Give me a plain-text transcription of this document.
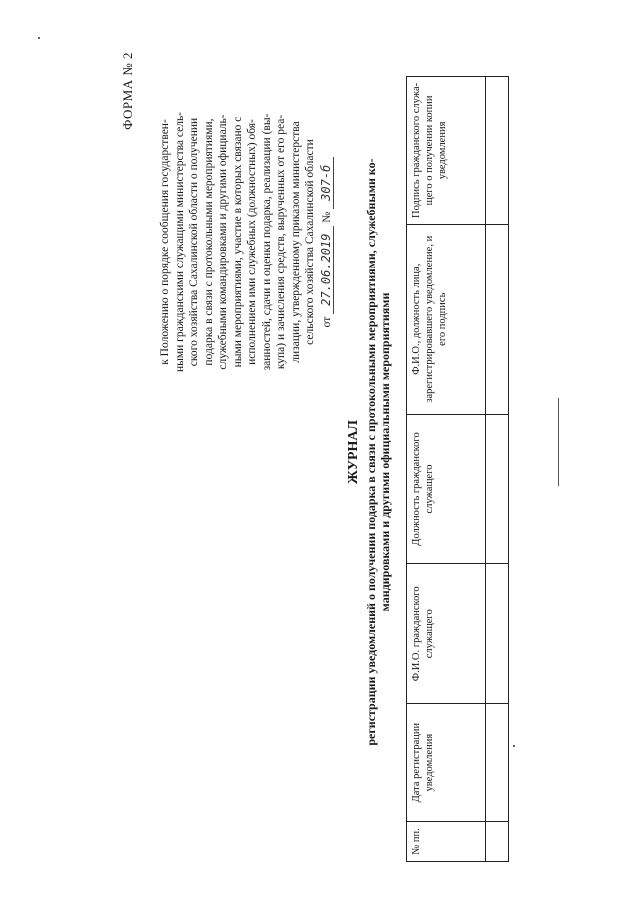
ФОРМА № 2
к Положению о порядке сообщения государствен- ными гражданскими служащими министерства сель- ского хозяйства Сахалинской области о получении подарка в связи с протокольными мероприятиями, служебными командировками и другими официаль- ными мероприятиями, участие в которых связано с исполнением ими служебных (должностных) обя- занностей, сдачи и оценки подарка, реализации (вы- купа) и зачисления средств, вырученных от его реа- лизации, утвержденному приказом министерства сельского хозяйства Сахалинской области от 27.06.2019 № 307-б
ЖУРНАЛ регистрации уведомлений о получении подарка в связи с протокольными мероприятиями, служебными ко- мандировками и другими официальными мероприятиями
№ пп.	Дата регистрации уведомления	Ф.И.О. гражданского служащего	Должность гражданского служащего	Ф.И.О., должность лица, зарегистрировавшего уведомление, и его подпись	Подпись гражданского служа-щего о получении копии уведомления
